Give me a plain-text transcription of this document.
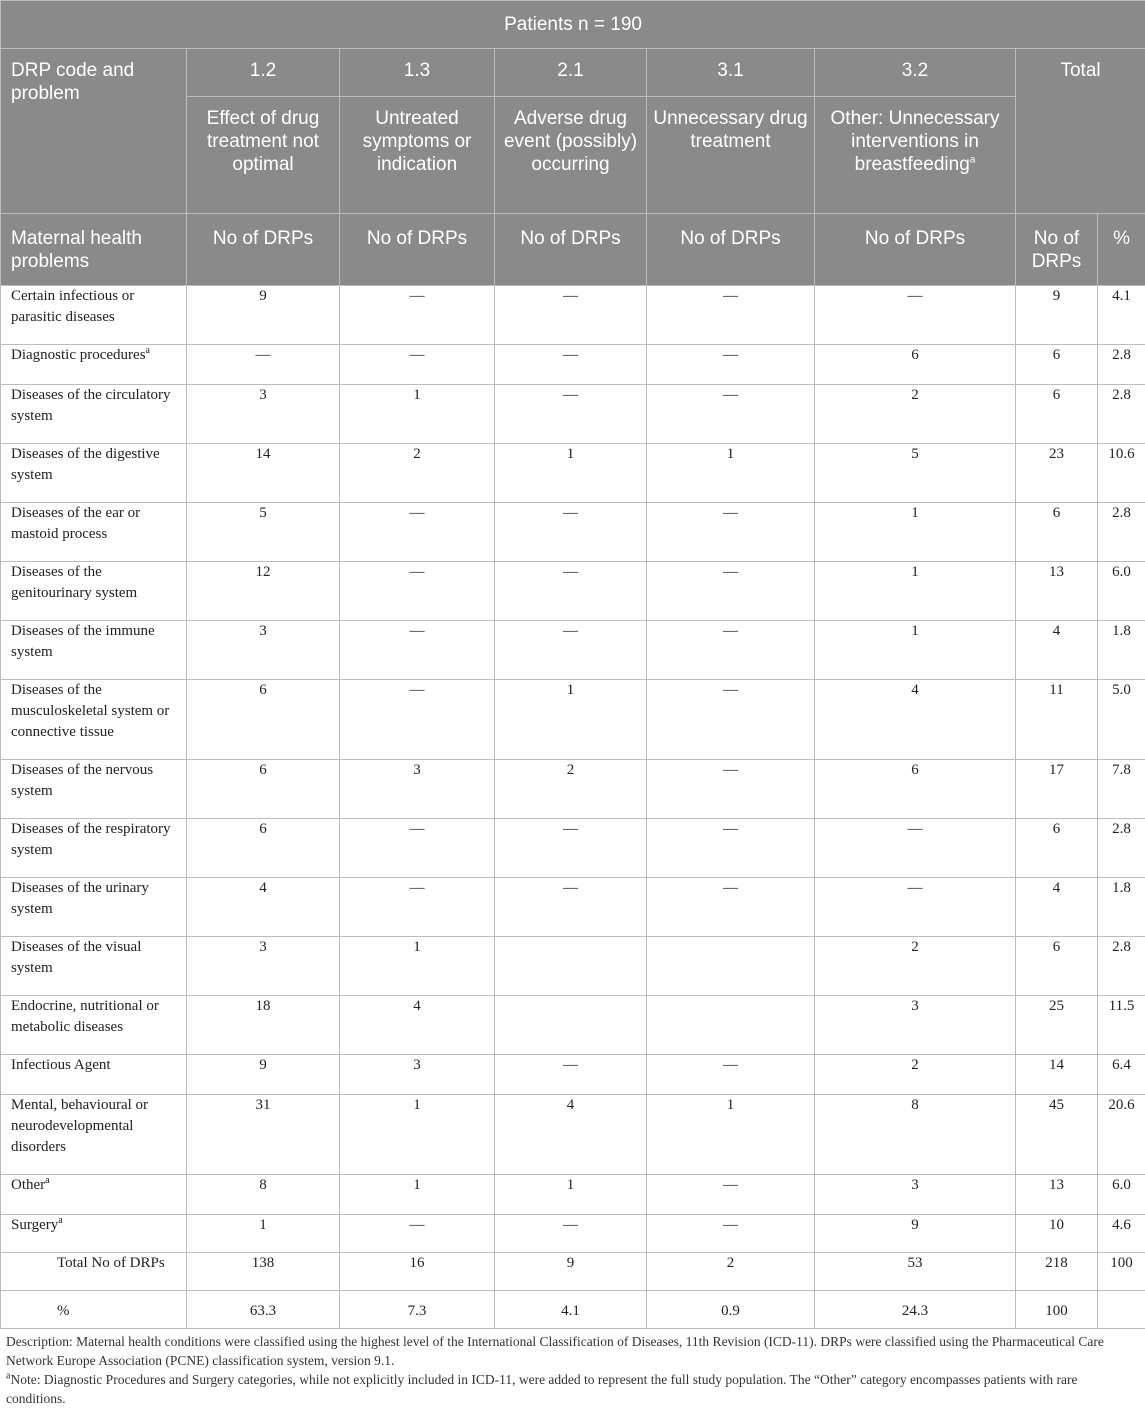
Patients n = 190							
DRP code and problem	1.2	1.3	2.1	3.1	3.2	Total	
	Effect of drug treatment not optimal	Untreated symptoms or indication	Adverse drug event (possibly) occurring	Unnecessary drug treatment	Other: Unnecessary interventions in breastfeeding$^a$
Maternal health problems	No of DRPs	No of DRPs	No of DRPs	No of DRPs	No of DRPs	No of DRPs	%
Certain infectious or parasitic diseases	9	—	—	—	—	9	4.1
Diagnostic procedures$^a$	—	—	—	—	6	6	2.8
Diseases of the circulatory system	3	1	—	—	2	6	2.8
Diseases of the digestive system	14	2	1	1	5	23	10.6
Diseases of the ear or mastoid process	5	—	—	—	1	6	2.8
Diseases of the genitourinary system	12	—	—	—	1	13	6.0
Diseases of the immune system	3	—	—	—	1	4	1.8
Diseases of the musculoskeletal system or connective tissue	6	—	1	—	4	11	5.0
Diseases of the nervous system	6	3	2	—	6	17	7.8
Diseases of the respiratory system	6	—	—	—	—	6	2.8
Diseases of the urinary system	4	—	—	—	—	4	1.8
Diseases of the visual system	3	1			2	6	2.8
Endocrine, nutritional or metabolic diseases	18	4			3	25	11.5
Infectious Agent	9	3	—	—	2	14	6.4
Mental, behavioural or neurodevelopmental disorders	31	1	4	1	8	45	20.6
Other$^a$	8	1	1	—	3	13	6.0
Surgery$^a$	1	—	—	—	9	10	4.6
Total No of DRPs	138	16	9	2	53	218	100
%	63.3	7.3	4.1	0.9	24.3	100	

Description: Maternal health conditions were classified using the highest level of the International Classification of Diseases, 11th Revision (ICD-11). DRPs were classified using the Pharmaceutical Care Network Europe Association (PCNE) classification system, version 9.1.

$^a$Note: Diagnostic Procedures and Surgery categories, while not explicitly included in ICD-11, were added to represent the full study population. The “Other” category encompasses patients with rare conditions.
